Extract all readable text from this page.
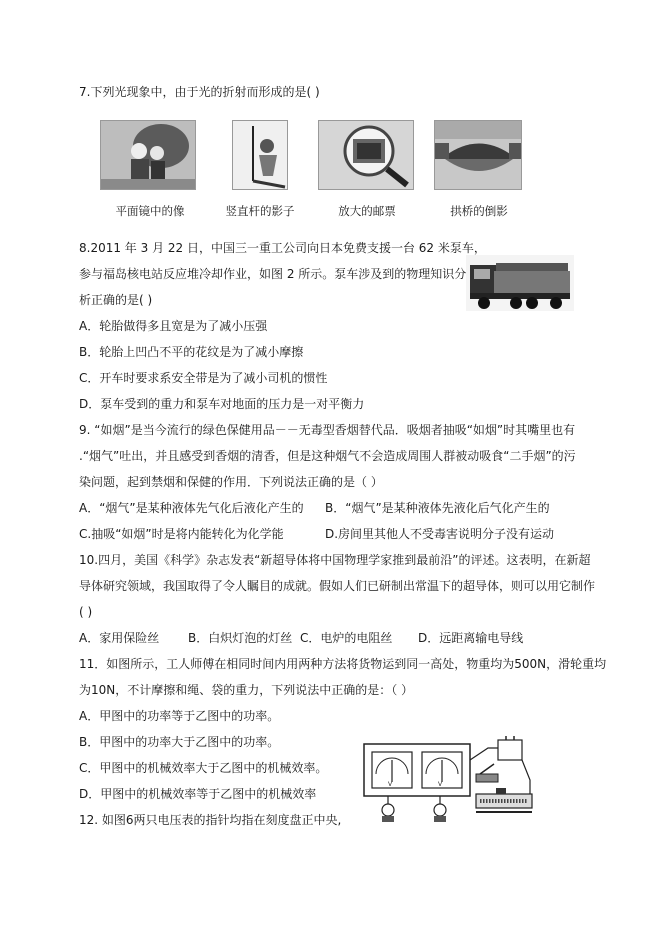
7.下列光现象中，由于光的折射而形成的是( )
平面镜中的像	竖直杆的影子	放大的邮票	拱桥的倒影
8.2011 年 3 月 22 日，中国三一重工公司向日本免费支援一台 62 米泵车，
参与福岛核电站反应堆冷却作业，如图 2 所示。泵车涉及到的物理知识分
析正确的是( )
A．轮胎做得多且宽是为了减小压强
B．轮胎上凹凸不平的花纹是为了减小摩擦
C．开车时要求系安全带是为了减小司机的惯性
D．泵车受到的重力和泵车对地面的压力是一对平衡力
9. “如烟”是当今流行的绿色保健用品－－无毒型香烟替代品．吸烟者抽吸“如烟”时其嘴里也有
.“烟气”吐出，并且感受到香烟的清香，但是这种烟气不会造成周围人群被动吸食“二手烟”的污
染问题，起到禁烟和保健的作用．下列说法正确的是（ ）
A．“烟气”是某种液体先气化后液化产生的 B．“烟气”是某种液体先液化后气化产生的
C.抽吸“如烟”时是将内能转化为化学能	D.房间里其他人不受毒害说明分子没有运动
10.四月，美国《科学》杂志发表“新超导体将中国物理学家推到最前沿”的评述。这表明，在新超
导体研究领域，我国取得了令人瞩目的成就。假如人们已研制出常温下的超导体，则可以用它制作
( )
A．家用保险丝 B．白炽灯泡的灯丝 C．电炉的电阻丝 D．远距离输电导线
11．如图所示，工人师傅在相同时间内用两种方法将货物运到同一高处，物重均为500N，滑轮重均
为10N，不计摩擦和绳、袋的重力，下列说法中正确的是：（ ）
A．甲图中的功率等于乙图中的功率。
B．甲图中的功率大于乙图中的功率。
C．甲图中的机械效率大于乙图中的机械效率。
D．甲图中的机械效率等于乙图中的机械效率
V	V
12. 如图6两只电压表的指针均指在刻度盘正中央,
